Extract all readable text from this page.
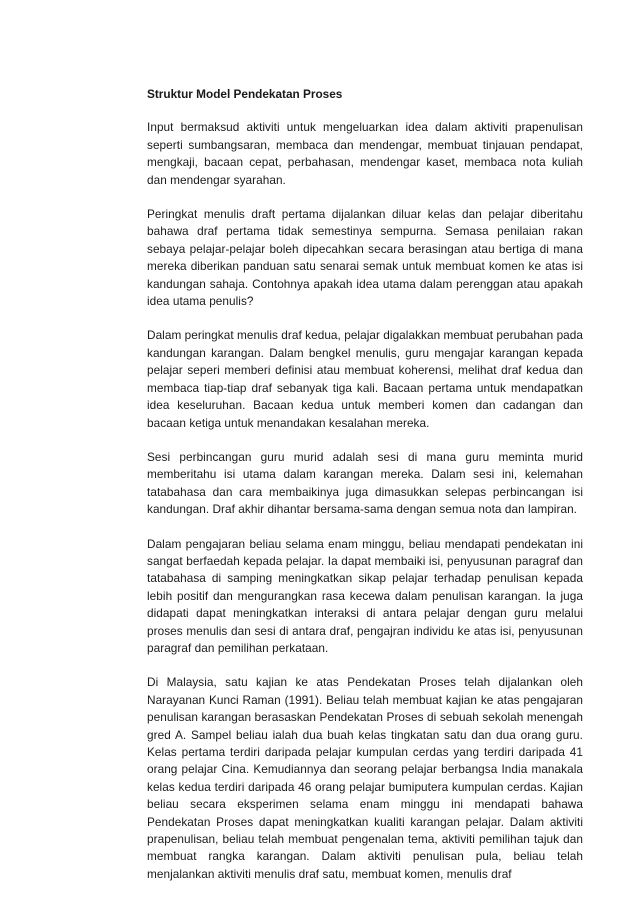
Struktur Model Pendekatan Proses

Input bermaksud aktiviti untuk mengeluarkan idea dalam aktiviti prapenulisan seperti sumbangsaran, membaca dan mendengar, membuat tinjauan pendapat, mengkaji, bacaan cepat, perbahasan, mendengar kaset, membaca nota kuliah dan mendengar syarahan.

Peringkat menulis draft pertama dijalankan diluar kelas dan pelajar diberitahu bahawa draf pertama tidak semestinya sempurna. Semasa penilaian rakan sebaya pelajar-pelajar boleh dipecahkan secara berasingan atau bertiga di mana mereka diberikan panduan satu senarai semak untuk membuat komen ke atas isi kandungan sahaja. Contohnya apakah idea utama dalam perenggan atau apakah idea utama penulis?

Dalam peringkat menulis draf kedua, pelajar digalakkan membuat perubahan pada kandungan karangan. Dalam bengkel menulis, guru mengajar karangan kepada pelajar seperi memberi definisi atau membuat koherensi, melihat draf kedua dan membaca tiap-tiap draf sebanyak tiga kali. Bacaan pertama untuk mendapatkan idea keseluruhan. Bacaan kedua untuk memberi komen dan cadangan dan bacaan ketiga untuk menandakan kesalahan mereka.

Sesi perbincangan guru murid adalah sesi di mana guru meminta murid memberitahu isi utama dalam karangan mereka. Dalam sesi ini, kelemahan tatabahasa dan cara membaikinya juga dimasukkan selepas perbincangan isi kandungan. Draf akhir dihantar bersama-sama dengan semua nota dan lampiran.

Dalam pengajaran beliau selama enam minggu, beliau mendapati pendekatan ini sangat berfaedah kepada pelajar. Ia dapat membaiki isi, penyusunan paragraf dan tatabahasa di samping meningkatkan sikap pelajar terhadap penulisan kepada lebih positif dan mengurangkan rasa kecewa dalam penulisan karangan. Ia juga didapati dapat meningkatkan interaksi di antara pelajar dengan guru melalui proses menulis dan sesi di antara draf, pengajran individu ke atas isi, penyusunan paragraf dan pemilihan perkataan.

Di Malaysia, satu kajian ke atas Pendekatan Proses telah dijalankan oleh Narayanan Kunci Raman (1991). Beliau telah membuat kajian ke atas pengajaran penulisan karangan berasaskan Pendekatan Proses di sebuah sekolah menengah gred A. Sampel beliau ialah dua buah kelas tingkatan satu dan dua orang guru. Kelas pertama terdiri daripada pelajar kumpulan cerdas yang terdiri daripada 41 orang pelajar Cina. Kemudiannya dan seorang pelajar berbangsa India manakala kelas kedua terdiri daripada 46 orang pelajar bumiputera kumpulan cerdas. Kajian beliau secara eksperimen selama enam minggu ini mendapati bahawa Pendekatan Proses dapat meningkatkan kualiti karangan pelajar. Dalam aktiviti prapenulisan, beliau telah membuat pengenalan tema, aktiviti pemilihan tajuk dan membuat rangka karangan. Dalam aktiviti penulisan pula, beliau telah menjalankan aktiviti menulis draf satu, membuat komen, menulis draf
